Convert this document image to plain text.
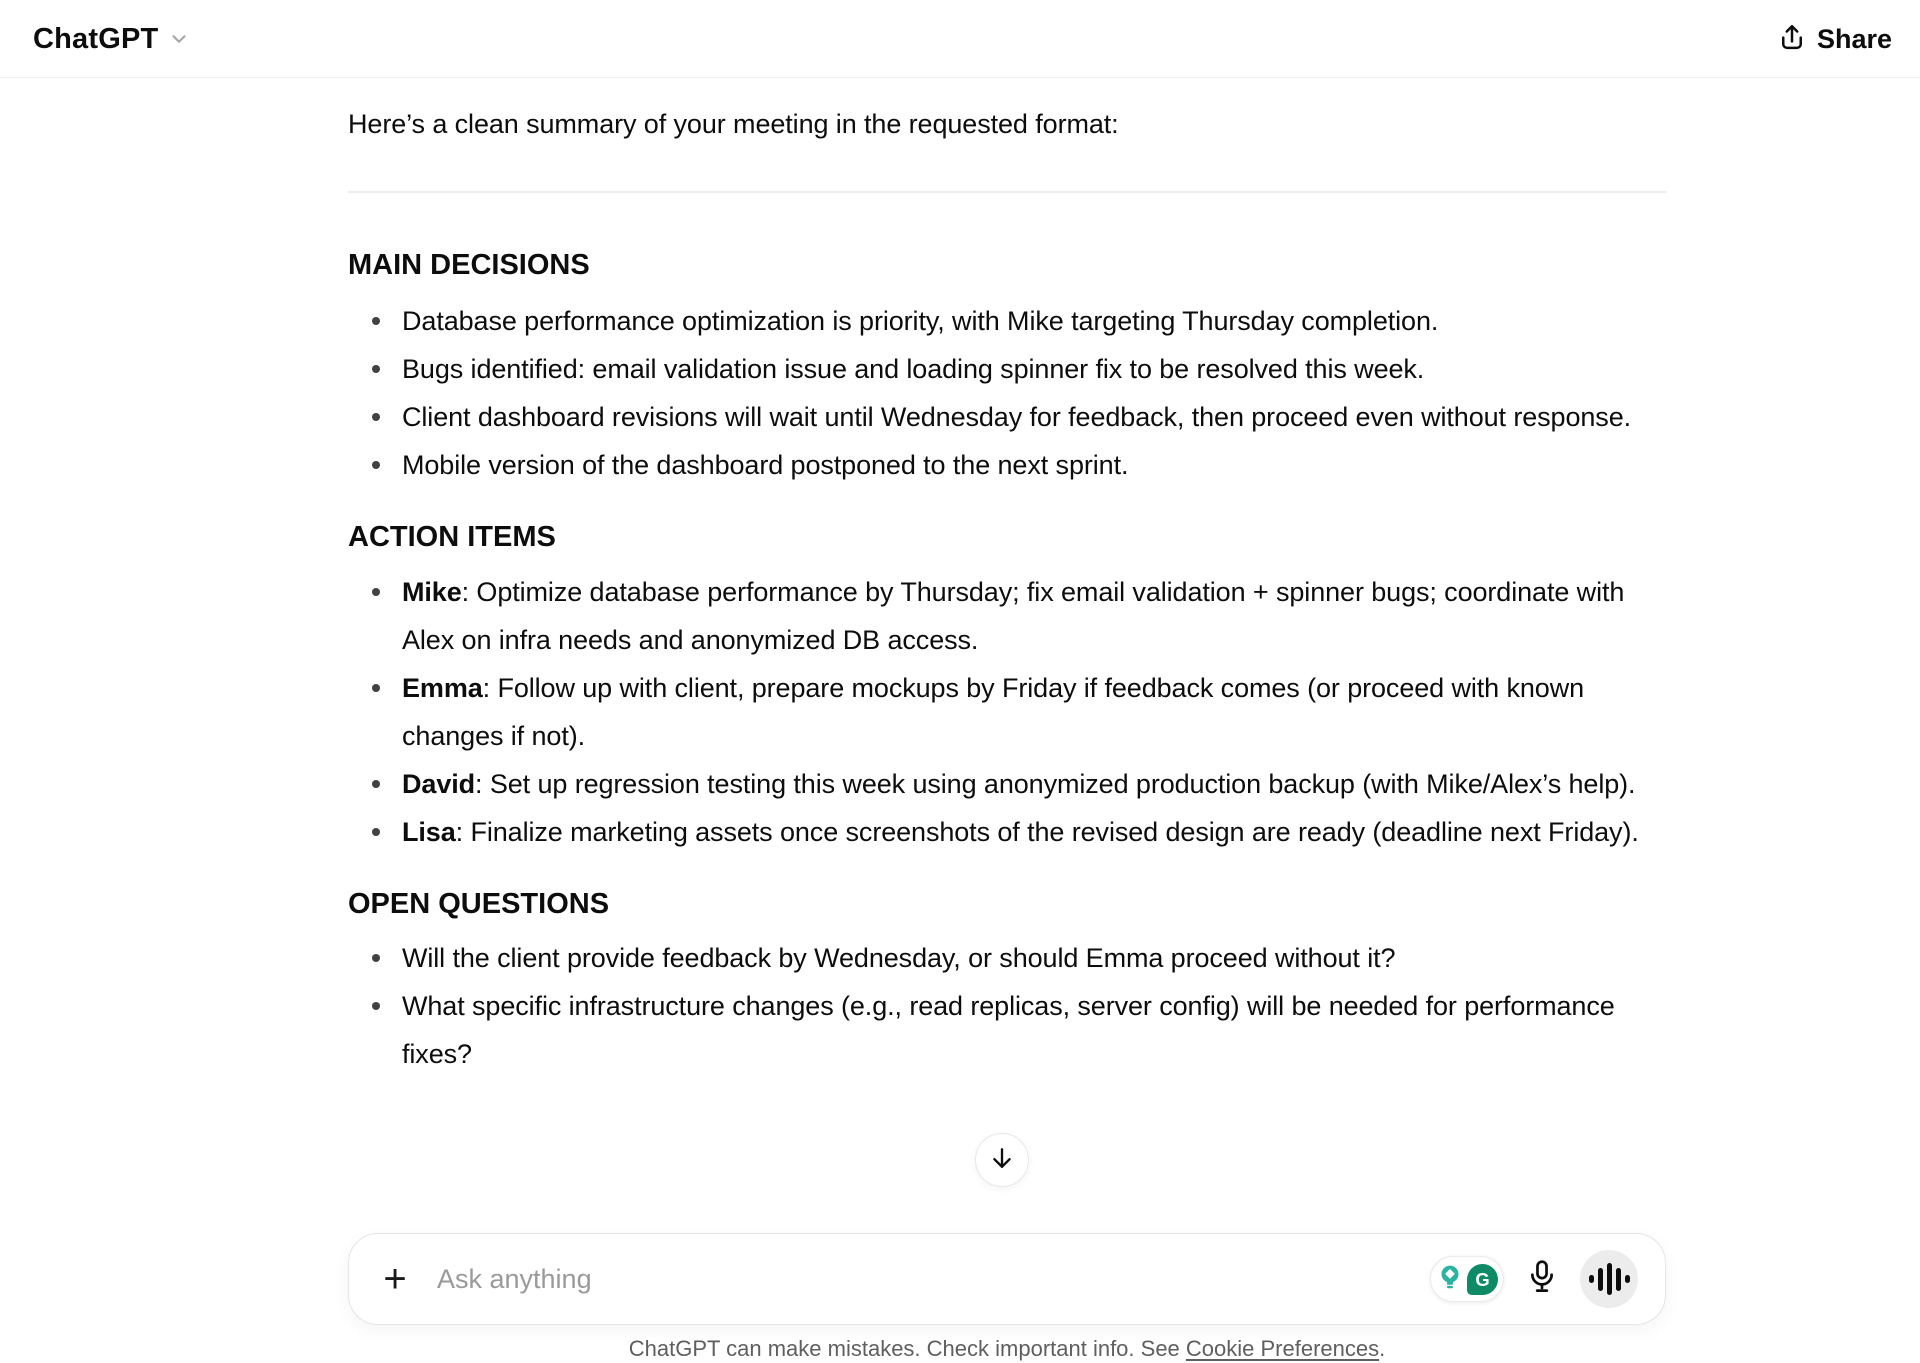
ChatGPT	Share

Here’s a clean summary of your meeting in the requested format:

MAIN DECISIONS
Database performance optimization is priority, with Mike targeting Thursday completion.
Bugs identified: email validation issue and loading spinner fix to be resolved this week.
Client dashboard revisions will wait until Wednesday for feedback, then proceed even without response.
Mobile version of the dashboard postponed to the next sprint.
ACTION ITEMS
Mike: Optimize database performance by Thursday; fix email validation + spinner bugs; coordinate with Alex on infra needs and anonymized DB access.
Emma: Follow up with client, prepare mockups by Friday if feedback comes (or proceed with known changes if not).
David: Set up regression testing this week using anonymized production backup (with Mike/Alex’s help).
Lisa: Finalize marketing assets once screenshots of the revised design are ready (deadline next Friday).
OPEN QUESTIONS
Will the client provide feedback by Wednesday, or should Emma proceed without it?
What specific infrastructure changes (e.g., read replicas, server config) will be needed for performance fixes?
+
Ask anything	G
ChatGPT can make mistakes. Check important info. See Cookie Preferences.
